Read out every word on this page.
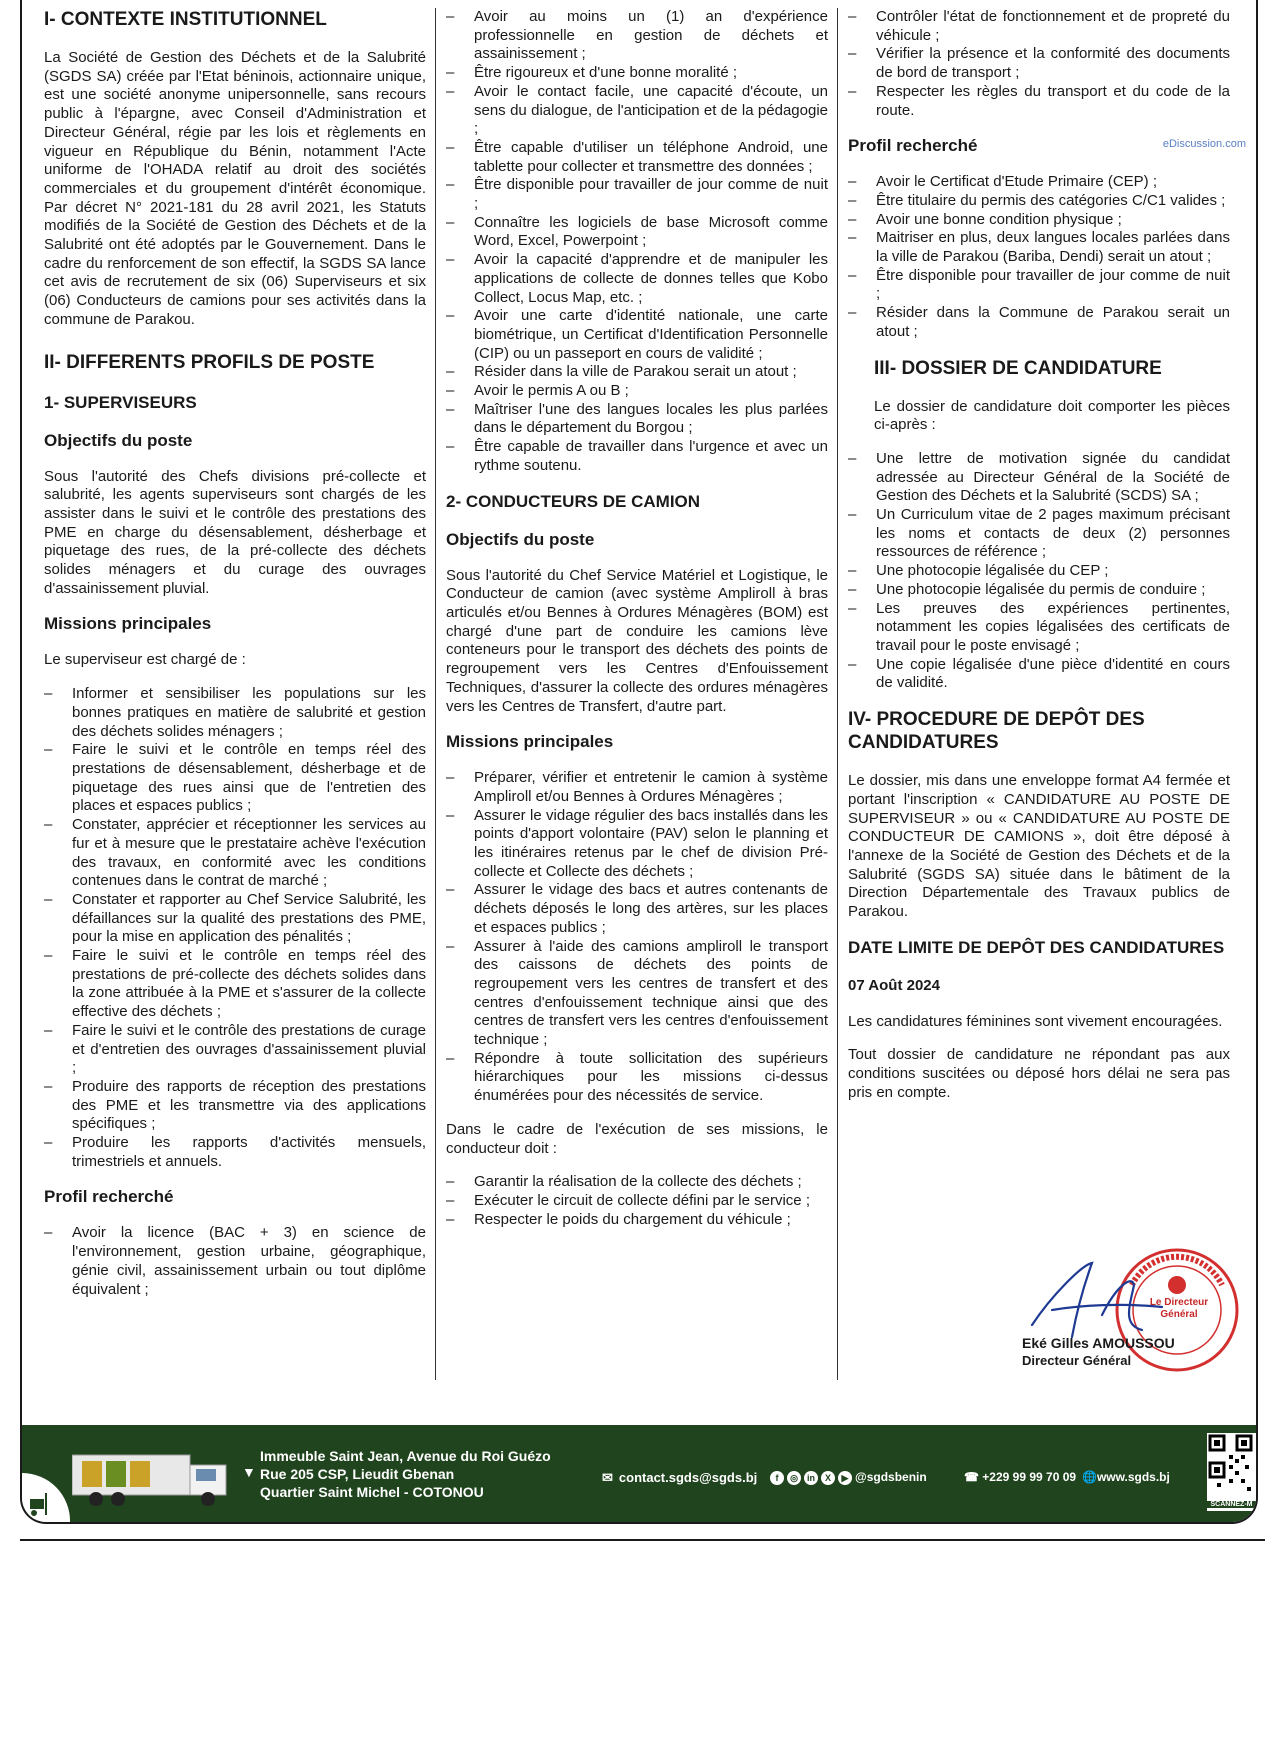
I- CONTEXTE INSTITUTIONNEL

La Société de Gestion des Déchets et de la Salubrité (SGDS SA) créée par l'Etat béninois, actionnaire unique, est une société anonyme unipersonnelle, sans recours public à l'épargne, avec Conseil d'Administration et Directeur Général, régie par les lois et règlements en vigueur en République du Bénin, notamment l'Acte uniforme de l'OHADA relatif au droit des sociétés commerciales et du groupement d'intérêt économique. Par décret N° 2021-181 du 28 avril 2021, les Statuts modifiés de la Société de Gestion des Déchets et de la Salubrité ont été adoptés par le Gouvernement. Dans le cadre du renforcement de son effectif, la SGDS SA lance cet avis de recrutement de six (06) Superviseurs et six (06) Conducteurs de camions pour ses activités dans la commune de Parakou.

II- DIFFERENTS PROFILS DE POSTE
1- SUPERVISEURS
Objectifs du poste

Sous l'autorité des Chefs divisions pré-collecte et salubrité, les agents superviseurs sont chargés de les assister dans le suivi et le contrôle des prestations des PME en charge du désensablement, désherbage et piquetage des rues, de la pré-collecte des déchets solides ménagers et du curage des ouvrages d'assainissement pluvial.

Missions principales

Le superviseur est chargé de :

– Informer et sensibiliser les populations sur les bonnes pratiques en matière de salubrité et gestion des déchets solides ménagers ;
– Faire le suivi et le contrôle en temps réel des prestations de désensablement, désherbage et de piquetage des rues ainsi que de l'entretien des places et espaces publics ;
– Constater, apprécier et réceptionner les services au fur et à mesure que le prestataire achève l'exécution des travaux, en conformité avec les conditions contenues dans le contrat de marché ;
– Constater et rapporter au Chef Service Salubrité, les défaillances sur la qualité des prestations des PME, pour la mise en application des pénalités ;
– Faire le suivi et le contrôle en temps réel des prestations de pré-collecte des déchets solides dans la zone attribuée à la PME et s'assurer de la collecte effective des déchets ;
– Faire le suivi et le contrôle des prestations de curage et d'entretien des ouvrages d'assainissement pluvial ;
– Produire des rapports de réception des prestations des PME et les transmettre via des applications spécifiques ;
– Produire les rapports d'activités mensuels, trimestriels et annuels.
Profil recherché
– Avoir la licence (BAC + 3) en science de l'environnement, gestion urbaine, géographique, génie civil, assainissement urbain ou tout diplôme équivalent ;
– Avoir au moins un (1) an d'expérience professionnelle en gestion de déchets et assainissement ;
– Être rigoureux et d'une bonne moralité ;
– Avoir le contact facile, une capacité d'écoute, un sens du dialogue, de l'anticipation et de la pédagogie ;
– Être capable d'utiliser un téléphone Android, une tablette pour collecter et transmettre des données ;
– Être disponible pour travailler de jour comme de nuit ;
– Connaître les logiciels de base Microsoft comme Word, Excel, Powerpoint ;
– Avoir la capacité d'apprendre et de manipuler les applications de collecte de donnes telles que Kobo Collect, Locus Map, etc. ;
– Avoir une carte d'identité nationale, une carte biométrique, un Certificat d'Identification Personnelle (CIP) ou un passeport en cours de validité ;
– Résider dans la ville de Parakou serait un atout ;
– Avoir le permis A ou B ;
– Maîtriser l'une des langues locales les plus parlées dans le département du Borgou ;
– Être capable de travailler dans l'urgence et avec un rythme soutenu.
2- CONDUCTEURS DE CAMION
Objectifs du poste

Sous l'autorité du Chef Service Matériel et Logistique, le Conducteur de camion (avec système Ampliroll à bras articulés et/ou Bennes à Ordures Ménagères (BOM) est chargé d'une part de conduire les camions lève conteneurs pour le transport des déchets des points de regroupement vers les Centres d'Enfouissement Techniques, d'assurer la collecte des ordures ménagères vers les Centres de Transfert, d'autre part.

Missions principales
– Préparer, vérifier et entretenir le camion à système Ampliroll et/ou Bennes à Ordures Ménagères ;
– Assurer le vidage régulier des bacs installés dans les points d'apport volontaire (PAV) selon le planning et les itinéraires retenus par le chef de division Pré-collecte et Collecte des déchets ;
– Assurer le vidage des bacs et autres contenants de déchets déposés le long des artères, sur les places et espaces publics ;
– Assurer à l'aide des camions ampliroll le transport des caissons de déchets des points de regroupement vers les centres de transfert et des centres d'enfouissement technique ainsi que des centres de transfert vers les centres d'enfouissement technique ;
– Répondre à toute sollicitation des supérieurs hiérarchiques pour les missions ci-dessus énumérées pour des nécessités de service.

Dans le cadre de l'exécution de ses missions, le conducteur doit :

– Garantir la réalisation de la collecte des déchets ;
– Exécuter le circuit de collecte défini par le service ;
– Respecter le poids du chargement du véhicule ;
– Contrôler l'état de fonctionnement et de propreté du véhicule ;
– Vérifier la présence et la conformité des documents de bord de transport ;
– Respecter les règles du transport et du code de la route.
Profil recherché
– Avoir le Certificat d'Etude Primaire (CEP) ;
– Être titulaire du permis des catégories C/C1 valides ;
– Avoir une bonne condition physique ;
– Maitriser en plus, deux langues locales parlées dans la ville de Parakou (Bariba, Dendi) serait un atout ;
– Être disponible pour travailler de jour comme de nuit ;
– Résider dans la Commune de Parakou serait un atout ;
III- DOSSIER DE CANDIDATURE

Le dossier de candidature doit comporter les pièces ci-après :

– Une lettre de motivation signée du candidat adressée au Directeur Général de la Société de Gestion des Déchets et la Salubrité (SCDS) SA ;
– Un Curriculum vitae de 2 pages maximum précisant les noms et contacts de deux (2) personnes ressources de référence ;
– Une photocopie légalisée du CEP ;
– Une photocopie légalisée du permis de conduire ;
– Les preuves des expériences pertinentes, notamment les copies légalisées des certificats de travail pour le poste envisagé ;
– Une copie légalisée d'une pièce d'identité en cours de validité.
IV- PROCEDURE DE DEPÔT DES CANDIDATURES

Le dossier, mis dans une enveloppe format A4 fermée et portant l'inscription « CANDIDATURE AU POSTE DE SUPERVISEUR » ou « CANDIDATURE AU POSTE DE CONDUCTEUR DE CAMIONS », doit être déposé à l'annexe de la Société de Gestion des Déchets et de la Salubrité (SGDS SA) située dans le bâtiment de la Direction Départementale des Travaux publics de Parakou.

DATE LIMITE DE DEPÔT DES CANDIDATURES
07 Août 2024

Les candidatures féminines sont vivement encouragées.

Tout dossier de candidature ne répondant pas aux conditions suscitées ou déposé hors délai ne sera pas pris en compte.

eDiscussion.com
Le Directeur Général
Eké Gilles AMOUSSOU
Directeur Général
▼
Immeuble Saint Jean, Avenue du Roi Guézo
Rue 205 CSP, Lieudit Gbenan
Quartier Saint Michel - COTONOU
✉ contact.sgds@sgds.bj	f ◎ in X ▶ @sgdsbenin	☎ +229 99 99 70 09 🌐www.sgds.bj
SCANNEZ-M
